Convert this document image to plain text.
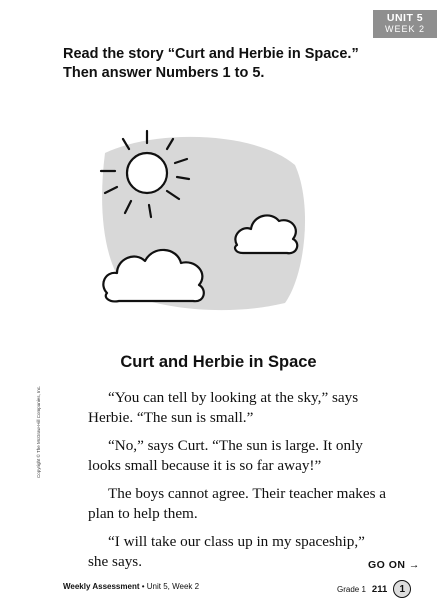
UNIT 5
WEEK 2
Read the story “Curt and Herbie in Space.”
Then answer Numbers 1 to 5.
Curt and Herbie in Space

“You can tell by looking at the sky,” says Herbie. “The sun is small.”

“No,” says Curt. “The sun is large. It only looks small because it is so far away!”

The boys cannot agree. Their teacher makes a plan to help them.

“I will take our class up in my spaceship,” she says.

Copyright © The McGraw-Hill Companies, Inc.
GO ON →
Weekly Assessment • Unit 5, Week 2	Grade 1 211	1
